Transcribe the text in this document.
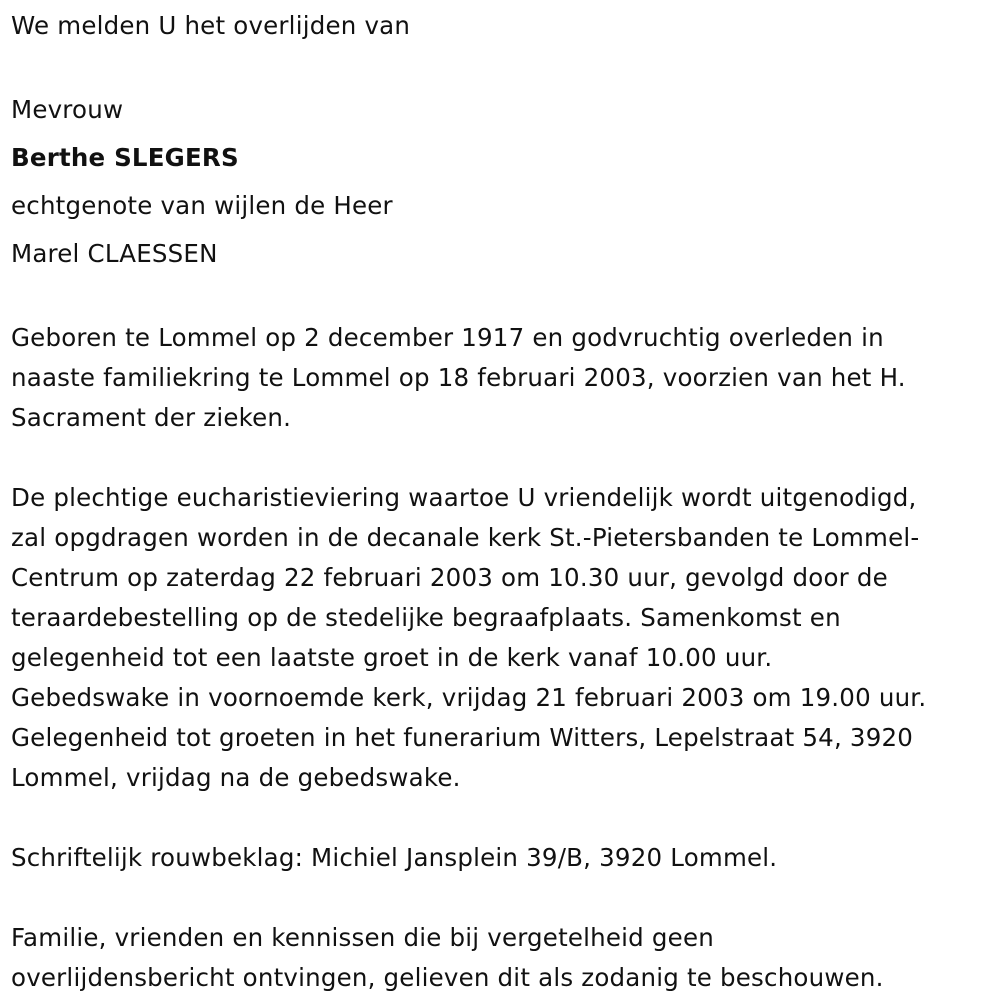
We melden U het overlijden van

Mevrouw

Berthe SLEGERS

echtgenote van wijlen de Heer

Marel CLAESSEN

Geboren te Lommel op 2 december 1917 en godvruchtig overleden in

naaste familiekring te Lommel op 18 februari 2003, voorzien van het H.

Sacrament der zieken.

De plechtige eucharistieviering waartoe U vriendelijk wordt uitgenodigd,

zal opgdragen worden in de decanale kerk St.-Pietersbanden te Lommel-

Centrum op zaterdag 22 februari 2003 om 10.30 uur, gevolgd door de

teraardebestelling op de stedelijke begraafplaats. Samenkomst en

gelegenheid tot een laatste groet in de kerk vanaf 10.00 uur.

Gebedswake in voornoemde kerk, vrijdag 21 februari 2003 om 19.00 uur.

Gelegenheid tot groeten in het funerarium Witters, Lepelstraat 54, 3920

Lommel, vrijdag na de gebedswake.

Schriftelijk rouwbeklag: Michiel Jansplein 39/B, 3920 Lommel.

Familie, vrienden en kennissen die bij vergetelheid geen

overlijdensbericht ontvingen, gelieven dit als zodanig te beschouwen.
